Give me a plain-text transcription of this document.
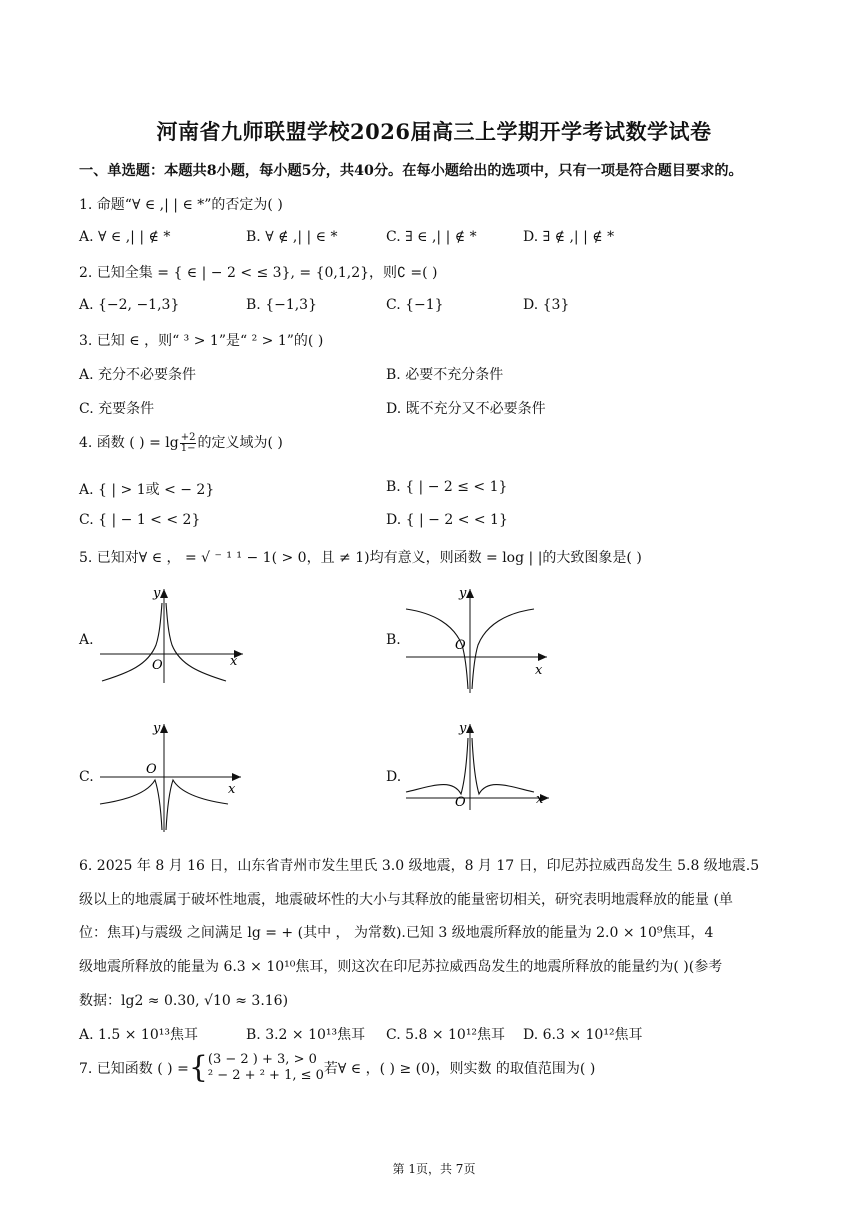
河南省九师联盟学校2026届高三上学期开学考试数学试卷
一、单选题：本题共8小题，每小题5分，共40分。在每小题给出的选项中，只有一项是符合题目要求的。
1. 命题“∀ ∈ ,| | ∈ *”的否定为( )
A. ∀ ∈ ,| | ∉ *	B. ∀ ∉ ,| | ∈ *	C. ∃ ∈ ,| | ∉ *	D. ∃ ∉ ,| | ∉ *
2. 已知全集 = { ∈ | − 2 < ≤ 3}, = {0,1,2}，则∁ =( )
A. {−2, −1,3}	B. {−1,3}	C. {−1}	D. {3}
3. 已知 ∈ ，则“ ³ > 1”是“ ² > 1”的( )
A. 充分不必要条件	B. 必要不充分条件
C. 充要条件	D. 既不充分又不必要条件
4. 函数 ( ) = $\lg \frac{+2}{1-}$ 的定义域为( )
A. { | > 1或 < − 2}	B. { | − 2 ≤ < 1}
C. { | − 1 < < 2}	D. { | − 2 < < 1}
5. 已知对∀ ∈ ， = √ ⁻ ¹ ¹ − 1( > 0，且 ≠ 1)均有意义，则函数 = log | |的大致图象是( )
A.
O	x
y
B.	O
x
y
C.	O
x
y
D.
O	x
y
6. 2025 年 8 月 16 日，山东省青州市发生里氏 3.0 级地震，8 月 17 日，印尼苏拉威西岛发生 5.8 级地震.5
级以上的地震属于破坏性地震，地震破坏性的大小与其释放的能量密切相关，研究表明地震释放的能量 (单
位：焦耳)与震级 之间满足 lg = + (其中 ， 为常数).已知 3 级地震所释放的能量为 2.0 × 10⁹焦耳，4
级地震所释放的能量为 6.3 × 10¹⁰焦耳，则这次在印尼苏拉威西岛发生的地震所释放的能量约为( )(参考
数据：lg2 ≈ 0.30, √10 ≈ 3.16)
A. 1.5 × 10¹³焦耳	B. 3.2 × 10¹³焦耳 C. 5.8 × 10¹²焦耳 D. 6.3 × 10¹²焦耳
7. 已知函数 ( ) ={ (3 − 2 ) + 3, > 0
² − 2 + ² + 1, ≤ 0 若∀ ∈ ，( ) ≥ (0)，则实数 的取值范围为( )
第 1页，共 7页
